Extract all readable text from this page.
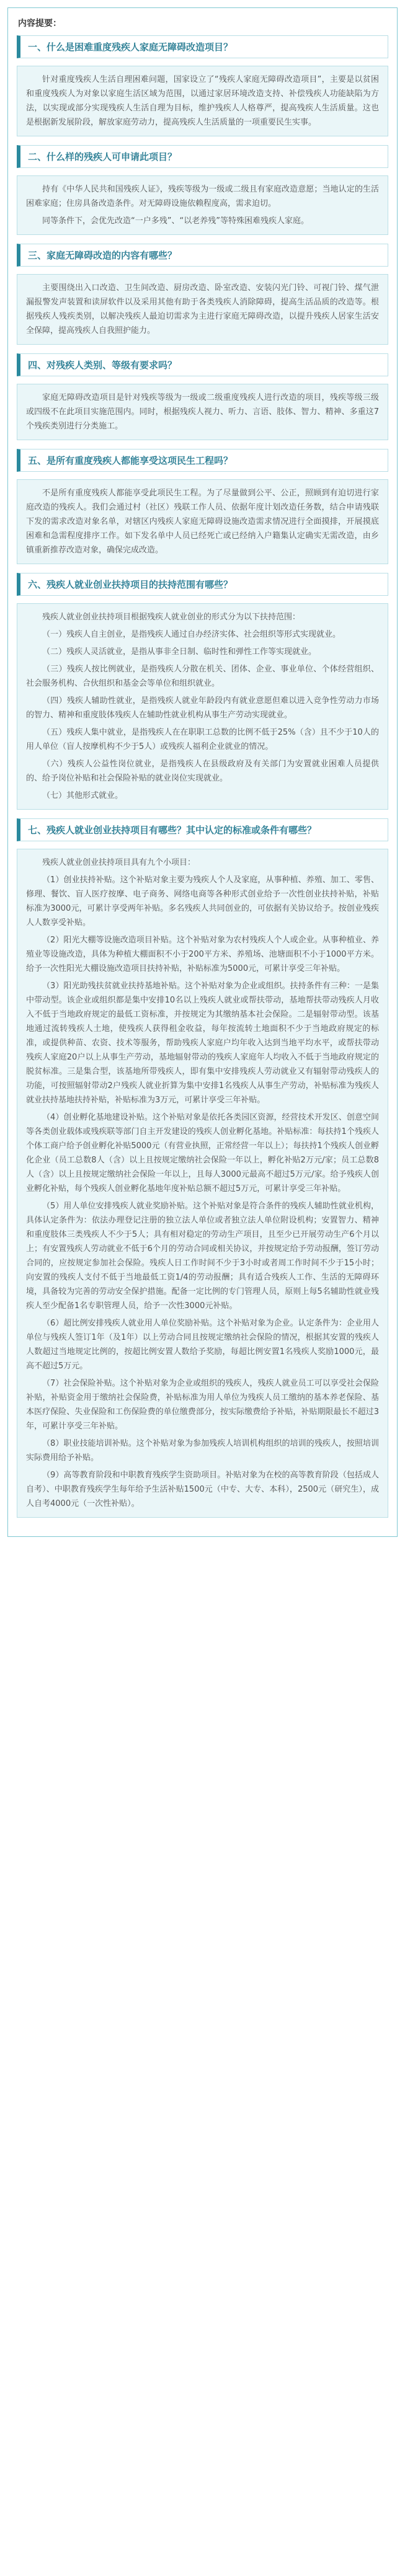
内容提要：
一、什么是困难重度残疾人家庭无障碍改造项目？

针对重度残疾人生活自理困难问题，国家设立了“残疾人家庭无障碍改造项目”，主要是以贫困和重度残疾人为对象以家庭生活区域为范围，以通过家居环境改造支持、补偿残疾人功能缺陷为方法，以实现或部分实现残疾人生活自理为目标，维护残疾人人格尊严，提高残疾人生活质量。这也是根据新发展阶段，解放家庭劳动力，提高残疾人生活质量的一项重要民生实事。

二、什么样的残疾人可申请此项目？

持有《中华人民共和国残疾人证》，残疾等级为一级或二级且有家庭改造意愿；当地认定的生活困难家庭；住房具备改造条件。对无障碍设施依赖程度高，需求迫切。

同等条件下，会优先改造“一户多残”、“以老养残”等特殊困难残疾人家庭。

三、家庭无障碍改造的内容有哪些？

主要围绕出入口改造、卫生间改造、厨房改造、卧室改造、安装闪光门铃、可视门铃、煤气泄漏报警发声装置和读屏软件以及采用其他有助于各类残疾人消除障碍，提高生活品质的改造等。根据残疾人残疾类别，以解决残疾人最迫切需求为主进行家庭无障碍改造，以提升残疾人居家生活安全保障，提高残疾人自我照护能力。

四、对残疾人类别、等级有要求吗？

家庭无障碍改造项目是针对残疾等级为一级或二级重度残疾人进行改造的项目，残疾等级三级或四级不在此项目实施范围内。同时，根据残疾人视力、听力、言语、肢体、智力、精神、多重这7个残疾类别进行分类施工。

五、是所有重度残疾人都能享受这项民生工程吗？

不是所有重度残疾人都能享受此项民生工程。为了尽量做到公平、公正，照顾到有迫切进行家庭改造的残疾人。我们会通过村（社区）残联工作人员、依据年度计划改造任务数，结合申请残联下发的需求改造对象名单，对辖区内残疾人家庭无障碍设施改造需求情况进行全面摸排，开展摸底困难和急需程度排序工作。如下发名单中人员已经死亡或已经纳入户籍集认定确实无需改造，由乡镇重新推荐改造对象，确保完成改造。

六、残疾人就业创业扶持项目的扶持范围有哪些？

残疾人就业创业扶持项目根据残疾人就业创业的形式分为以下扶持范围：

（一）残疾人自主创业，是指残疾人通过自办经济实体、社会组织等形式实现就业。

（二）残疾人灵活就业，是指从事非全日制、临时性和弹性工作等实现就业。

（三）残疾人按比例就业，是指残疾人分散在机关、团体、企业、事业单位、个体经营组织、社会服务机构、合伙组织和基金会等单位和组织就业。

（四）残疾人辅助性就业，是指残疾人就业年龄段内有就业意愿但难以进入竞争性劳动力市场的智力、精神和重度肢体残疾人在辅助性就业机构从事生产劳动实现就业。

（五）残疾人集中就业，是指残疾人在在职职工总数的比例不低于25%（含）且不少于10人的用人单位（盲人按摩机构不少于5人）或残疾人福利企业就业的情况。

（六）残疾人公益性岗位就业，是指残疾人在县级政府及有关部门为安置就业困难人员提供的、给予岗位补贴和社会保险补贴的就业岗位实现就业。

（七）其他形式就业。

七、残疾人就业创业扶持项目有哪些？其中认定的标准或条件有哪些？

残疾人就业创业扶持项目具有九个小项目：

（1）创业扶持补贴。这个补贴对象主要为残疾人个人及家庭，从事种植、养殖、加工、零售、修理、餐饮、盲人医疗按摩、电子商务、网络电商等各种形式创业给予一次性创业扶持补贴，补贴标准为3000元，可累计享受两年补贴。多名残疾人共同创业的，可依据有关协议给予。按创业残疾人人数享受补贴。

（2）阳光大棚等设施改造项目补贴。这个补贴对象为农村残疾人个人或企业。从事种植业、养殖业等设施改造，具体为种植大棚面积不小于200平方米、养殖场、池塘面积不小于1000平方米。给予一次性阳光大棚设施改造项目扶持补贴，补贴标准为5000元，可累计享受三年补贴。

（3）阳光助残扶贫就业扶持基地补贴。这个补贴对象为企业或组织。扶持条件有三种：一是集中带动型。该企业或组织都是集中安排10名以上残疾人就业或帮扶带动，基地帮扶带动残疾人月收入不低于当地政府规定的最低工资标准，并按规定为其缴纳基本社会保险。二是辐射带动型。该基地通过流转残疾人土地，使残疾人获得租金收益，每年按流转土地面积不少于当地政府规定的标准，或提供种苗、农资、技术等服务，帮助残疾人家庭户均年收入达到当地平均水平，或帮扶带动残疾人家庭20户以上从事生产劳动，基地辐射带动的残疾人家庭年人均收入不低于当地政府规定的脱贫标准。三是集合型，该基地所带残疾人，即有集中安排残疾人劳动就业又有辐射带动残疾人的功能，可按照辐射带动2户残疾人就业折算为集中安排1名残疾人从事生产劳动，补贴标准为残疾人就业扶持基地扶持补贴，补贴标准为3万元，可累计享受三年补贴。

（4）创业孵化基地建设补贴。这个补贴对象是依托各类园区资源，经营技术开发区、创意空间等各类创业载体或残疾联等部门自主开发建设的残疾人创业孵化基地。补贴标准：每扶持1个残疾人个体工商户给予创业孵化补贴5000元（有营业执照，正常经营一年以上）；每扶持1个残疾人创业孵化企业（员工总数8人（含）以上且按规定缴纳社会保险一年以上，孵化补贴2万元/家；员工总数8人（含）以上且按规定缴纳社会保险一年以上，且每人3000元最高不超过5万元/家。给予残疾人创业孵化补贴，每个残疾人创业孵化基地年度补贴总额不超过5万元，可累计享受三年补贴。

（5）用人单位安排残疾人就业奖励补贴。这个补贴对象是符合条件的残疾人辅助性就业机构，具体认定条件为：依法办理登记注册的独立法人单位或者独立法人单位附设机构；安置智力、精神和重度肢体三类残疾人不少于5人；具有相对稳定的劳动生产项目，且至少已开展劳动生产6个月以上；有安置残疾人劳动就业不低于6个月的劳动合同或相关协议，并按规定给予劳动报酬，签订劳动合同的，应按规定参加社会保险。残疾人日工作时间不少于3小时或者周工作时间不少于15小时；向安置的残疾人支付不低于当地最低工资1/4的劳动报酬；具有适合残疾人工作、生活的无障碍环境，具备较为完善的劳动安全保护措施。配备一定比例的专门管理人员，原则上每5名辅助性就业残疾人至少配备1名专职管理人员，给予一次性3000元补贴。

（6）超比例安排残疾人就业用人单位奖励补贴。这个补贴对象为企业。认定条件为：企业用人单位与残疾人签订1年（及1年）以上劳动合同且按规定缴纳社会保险的情况，根据其安置的残疾人人数超过当地规定比例的，按超比例安置人数给予奖励，每超比例安置1名残疾人奖励1000元，最高不超过5万元。

（7）社会保险补贴。这个补贴对象为企业或组织的残疾人，残疾人就业员工可以享受社会保险补贴，补贴资金用于缴纳社会保险费，补贴标准为用人单位为残疾人员工缴纳的基本养老保险、基本医疗保险、失业保险和工伤保险费的单位缴费部分，按实际缴费给予补贴，补贴期限最长不超过3年，可累计享受三年补贴。

（8）职业技能培训补贴。这个补贴对象为参加残疾人培训机构组织的培训的残疾人，按照培训实际费用给予补贴。

（9）高等教育阶段和中职教育残疾学生资助项目。补贴对象为在校的高等教育阶段（包括成人自考）、中职教育残疾学生每年给予生活补贴1500元（中专、大专、本科），2500元（研究生），成人自考4000元（一次性补贴）。
